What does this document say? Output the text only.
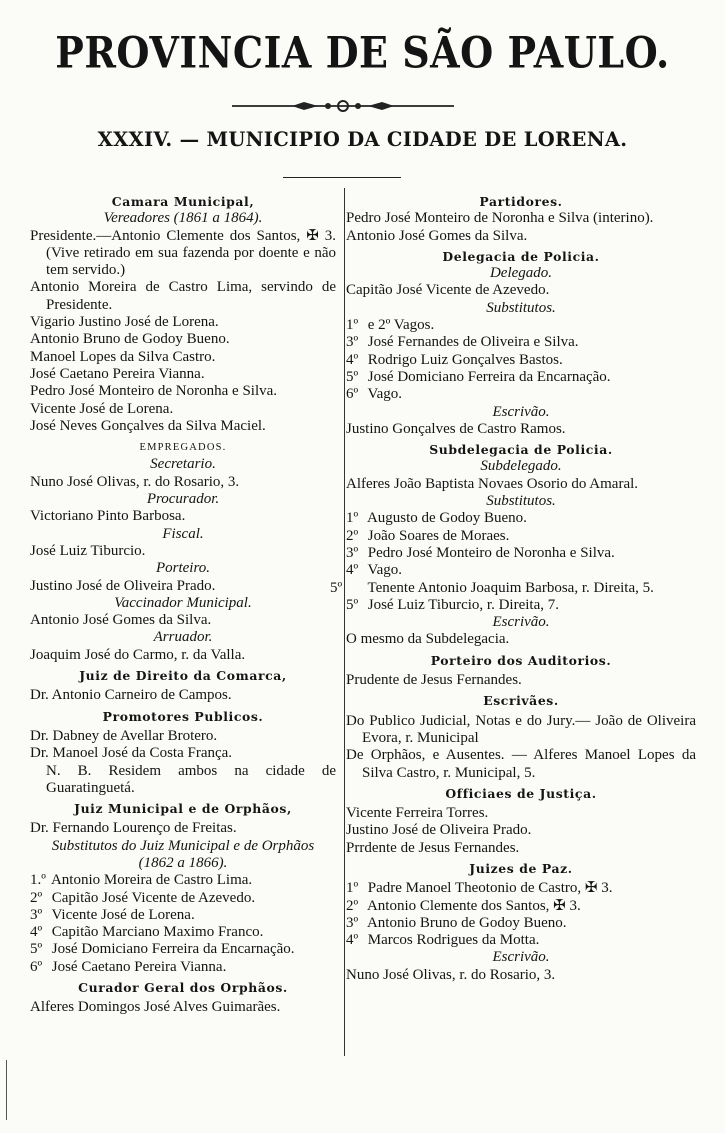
PROVINCIA DE SÃO PAULO.
XXXIV. — MUNICIPIO DA CIDADE DE LORENA.
Camara Municipal,
Vereadores (1861 a 1864).
Presidente.—Antonio Clemente dos Santos, ✠ 3. (Vive retirado em sua fazenda por doente e não tem servido.)
Antonio Moreira de Castro Lima, servindo de Presidente.
Vigario Justino José de Lorena.
Antonio Bruno de Godoy Bueno.
Manoel Lopes da Silva Castro.
José Caetano Pereira Vianna.
Pedro José Monteiro de Noronha e Silva.
Vicente José de Lorena.
José Neves Gonçalves da Silva Maciel.
EMPREGADOS.
Secretario.
Nuno José Olivas, r. do Rosario, 3.
Procurador.
Victoriano Pinto Barbosa.
Fiscal.
José Luiz Tiburcio.
Porteiro.
Justino José de Oliveira Prado.
Vaccinador Municipal.
Antonio José Gomes da Silva.
Arruador.
Joaquim José do Carmo, r. da Valla.
Juiz de Direito da Comarca,
Dr. Antonio Carneiro de Campos.
Promotores Publicos.
Dr. Dabney de Avellar Brotero.
Dr. Manoel José da Costa França.
N. B. Residem ambos na cidade de Guaratinguetá.
Juiz Municipal e de Orphãos,
Dr. Fernando Lourenço de Freitas.
Substitutos do Juiz Municipal e de Orphãos (1862 a 1866).
1.º Antonio Moreira de Castro Lima.
2º Capitão José Vicente de Azevedo.
3º Vicente José de Lorena.
4º Capitão Marciano Maximo Franco.
5º José Domiciano Ferreira da Encarnação.
6º José Caetano Pereira Vianna.
Curador Geral dos Orphãos.
Alferes Domingos José Alves Guimarães.
Partidores.
Pedro José Monteiro de Noronha e Silva (interino).
Antonio José Gomes da Silva.
Delegacia de Policia.
Delegado.
Capitão José Vicente de Azevedo.
Substitutos.
1º e 2º Vagos.
3º José Fernandes de Oliveira e Silva.
4º Rodrigo Luiz Gonçalves Bastos.
5º José Domiciano Ferreira da Encarnação.
6º Vago.
Escrivão.
Justino Gonçalves de Castro Ramos.
Subdelegacia de Policia.
Subdelegado.
Alferes João Baptista Novaes Osorio do Amaral.
Substitutos.
1º Augusto de Godoy Bueno.
2º João Soares de Moraes.
3º Pedro José Monteiro de Noronha e Silva.
4º Vago.
5º Tenente Antonio Joaquim Barbosa, r. Direita, 5.
5º José Luiz Tiburcio, r. Direita, 7.
Escrivão.
O mesmo da Subdelegacia.
Porteiro dos Auditorios.
Prudente de Jesus Fernandes.
Escrivães.
Do Publico Judicial, Notas e do Jury.— João de Oliveira Evora, r. Municipal
De Orphãos, e Ausentes. — Alferes Manoel Lopes da Silva Castro, r. Municipal, 5.
Officiaes de Justiça.
Vicente Ferreira Torres.
Justino José de Oliveira Prado.
Prrdente de Jesus Fernandes.
Juizes de Paz.
1º Padre Manoel Theotonio de Castro, ✠ 3.
2º Antonio Clemente dos Santos, ✠ 3.
3º Antonio Bruno de Godoy Bueno.
4º Marcos Rodrigues da Motta.
Escrivão.
Nuno José Olivas, r. do Rosario, 3.
